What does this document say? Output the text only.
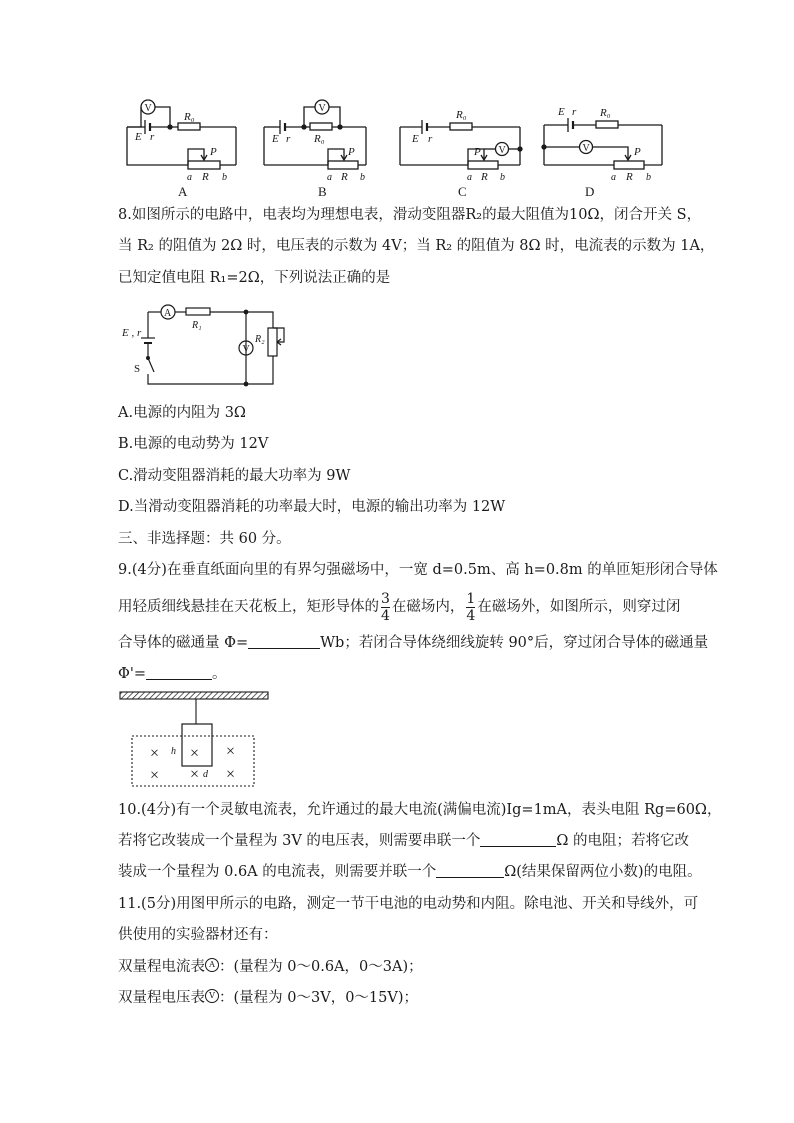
V
E r
R₀
P
a R b
A
V
E r R₀
P
a R b
B
V
E r
R₀
P
a R b
C
V
E r R₀
P
a R b
D
8.如图所示的电路中，电表均为理想电表，滑动变阻器R₂的最大阻值为10Ω，闭合开关 S，
当 R₂ 的阻值为 2Ω 时，电压表的示数为 4V；当 R₂ 的阻值为 8Ω 时，电流表的示数为 1A，
已知定值电阻 R₁=2Ω，下列说法正确的是
A
V
R₁
R₂
E , r
S
A.电源的内阻为 3Ω
B.电源的电动势为 12V
C.滑动变阻器消耗的最大功率为 9W
D.当滑动变阻器消耗的功率最大时，电源的输出功率为 12W
三、非选择题：共 60 分。
9.(4分)在垂直纸面向里的有界匀强磁场中，一宽 d=0.5m、高 h=0.8m 的单匝矩形闭合导体
用轻质细线悬挂在天花板上，矩形导体的 $\frac{3}{4}$ 在磁场内， $\frac{1}{4}$ 在磁场外，如图所示，则穿过闭
合导体的磁通量 Φ=	Wb；若闭合导体绕细线旋转 90°后，穿过闭合导体的磁通量
Φ'=	。
× × ×
× × ×
h
d
10.(4分)有一个灵敏电流表，允许通过的最大电流(满偏电流)Ig=1mA，表头电阻 Rg=60Ω，
若将它改装成一个量程为 3V 的电压表，则需要串联一个	Ω 的电阻；若将它改
装成一个量程为 0.6A 的电流表，则需要并联一个	Ω(结果保留两位小数)的电阻。
11.(5分)用图甲所示的电路，测定一节干电池的电动势和内阻。除电池、开关和导线外，可
供使用的实验器材还有：
双量程电流表 A ：(量程为 0～0.6A，0～3A)；
双量程电压表 V ：(量程为 0～3V，0～15V)；
